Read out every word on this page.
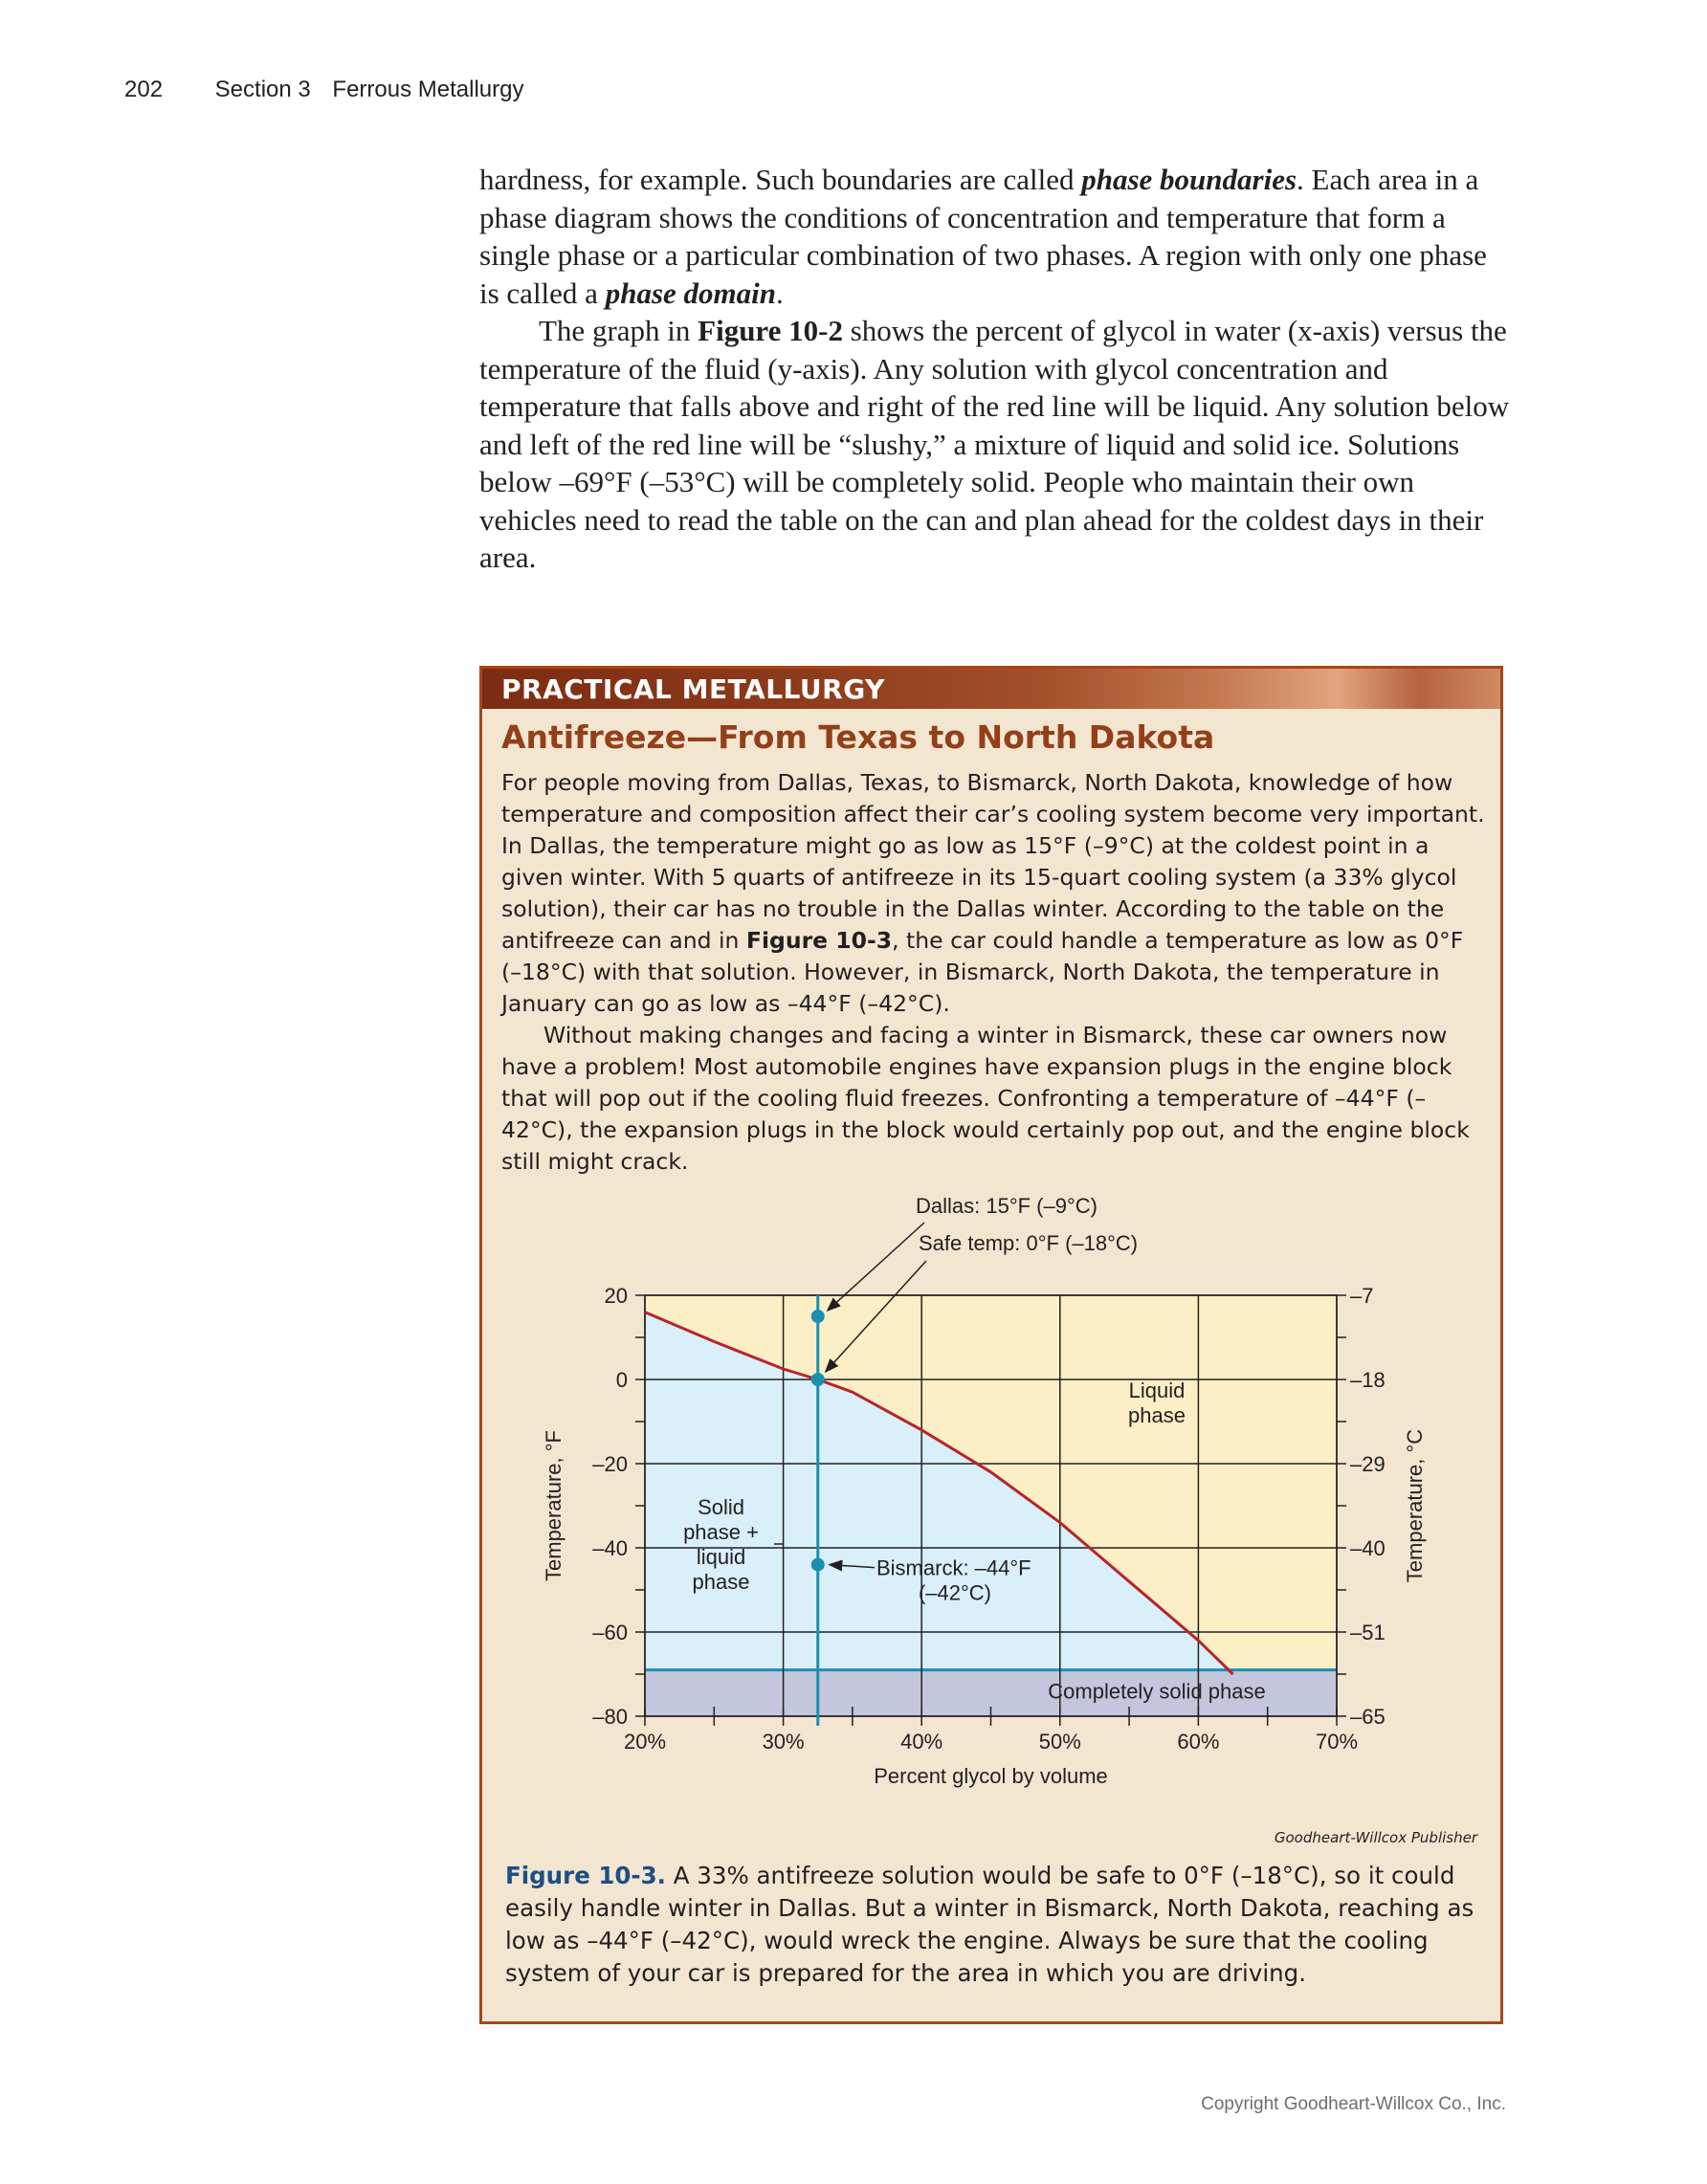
202 Section 3 Ferrous Metallurgy

hardness, for example. Such boundaries are called phase boundaries. Each area in a phase diagram shows the conditions of concentration and temperature that form a single phase or a particular combination of two phases. A region with only one phase is called a phase domain.

The graph in Figure 10-2 shows the percent of glycol in water (x-axis) versus the temperature of the fluid (y-axis). Any solution with glycol concentration and temperature that falls above and right of the red line will be liquid. Any solution below and left of the red line will be “slushy,” a mixture of liquid and solid ice. Solutions below –69°F (–53°C) will be completely solid. People who maintain their own vehicles need to read the table on the can and plan ahead for the coldest days in their area.

PRACTICAL METALLURGY
Antifreeze—From Texas to North Dakota

For people moving from Dallas, Texas, to Bismarck, North Dakota, knowledge of how temperature and composition affect their car’s cooling system become very important. In Dallas, the temperature might go as low as 15°F (–9°C) at the coldest point in a given winter. With 5 quarts of antifreeze in its 15-quart cooling system (a 33% glycol solution), their car has no trouble in the Dallas winter. According to the table on the antifreeze can and in Figure 10-3, the car could handle a temperature as low as 0°F (–18°C) with that solution. However, in Bismarck, North Dakota, the temperature in January can go as low as –44°F (–42°C).

Without making changes and facing a winter in Bismarck, these car owners now have a problem! Most automobile engines have expansion plugs in the engine block that will pop out if the cooling fluid freezes. Confronting a temperature of –44°F (–42°C), the expansion plugs in the block would certainly pop out, and the engine block still might crack.

20%	30%	40%	50%	60%	70%
20
0
–20
–40
–60
–80
–7
–18
–29
–40
–51
–65
Temperature, °F	Temperature, °C
Percent glycol by volume
Liquid
phase
Solid
phase +
liquid
phase
Completely solid phase
Dallas: 15°F (–9°C)
Safe temp: 0°F (–18°C)
Bismarck: –44°F
(–42°C)
Goodheart-Willcox Publisher
Figure 10-3. A 33% antifreeze solution would be safe to 0°F (–18°C), so it could easily handle winter in Dallas. But a winter in Bismarck, North Dakota, reaching as low as –44°F (–42°C), would wreck the engine. Always be sure that the cooling system of your car is prepared for the area in which you are driving.
Copyright Goodheart-Willcox Co., Inc.
